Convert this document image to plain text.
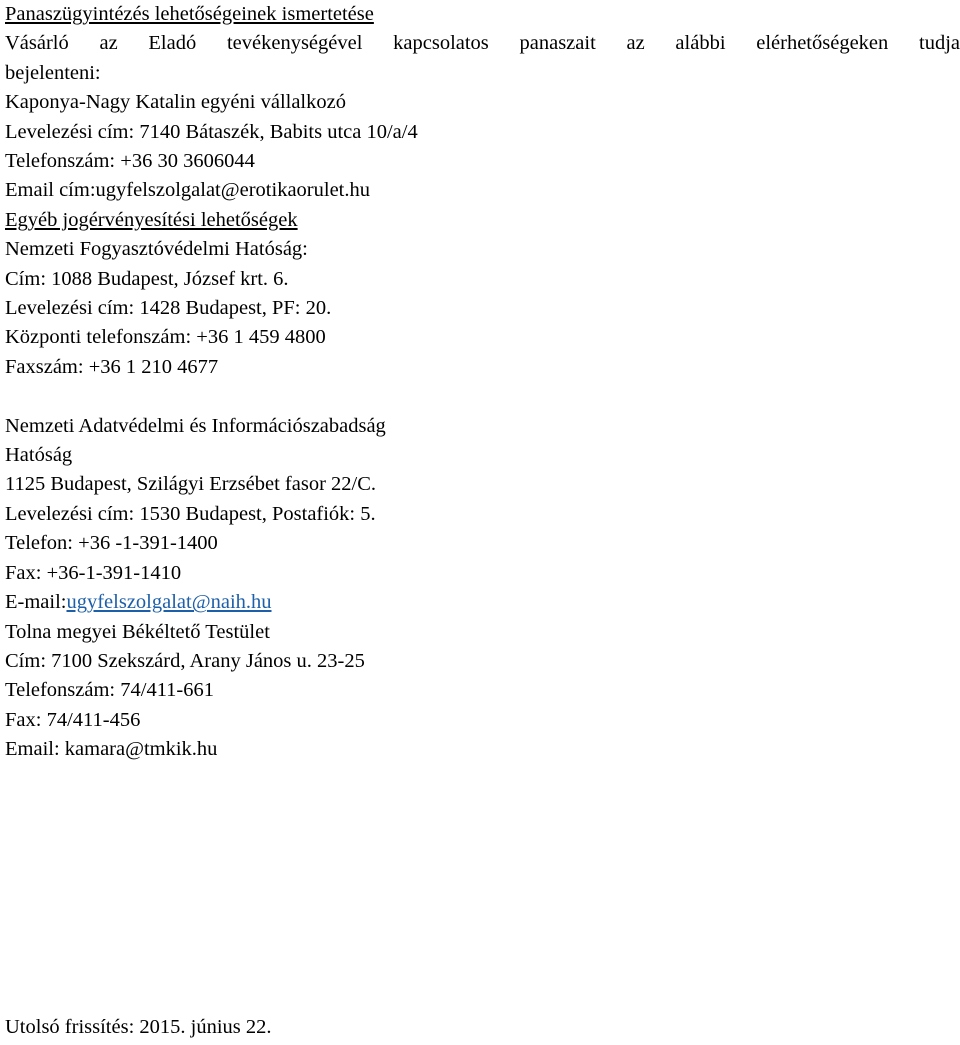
Panaszügyintézés lehetőségeinek ismertetése
Vásárló az Eladó tevékenységével kapcsolatos panaszait az alábbi elérhetőségeken tudja
bejelenteni:
Kaponya-Nagy Katalin egyéni vállalkozó
Levelezési cím: 7140 Bátaszék, Babits utca 10/a/4
Telefonszám: +36 30 3606044
Email cím:ugyfelszolgalat@erotikaorulet.hu
Egyéb jogérvényesítési lehetőségek
Nemzeti Fogyasztóvédelmi Hatóság:
Cím: 1088 Budapest, József krt. 6.
Levelezési cím: 1428 Budapest, PF: 20.
Központi telefonszám: +36 1 459 4800
Faxszám: +36 1 210 4677
Nemzeti Adatvédelmi és Információszabadság
Hatóság
1125 Budapest, Szilágyi Erzsébet fasor 22/C.
Levelezési cím: 1530 Budapest, Postafiók: 5.
Telefon: +36 -1-391-1400
Fax: +36-1-391-1410
E-mail:ugyfelszolgalat@naih.hu
Tolna megyei Békéltető Testület
Cím: 7100 Szekszárd, Arany János u. 23-25
Telefonszám: 74/411-661
Fax: 74/411-456
Email: kamara@tmkik.hu
Utolsó frissítés: 2015. június 22.
